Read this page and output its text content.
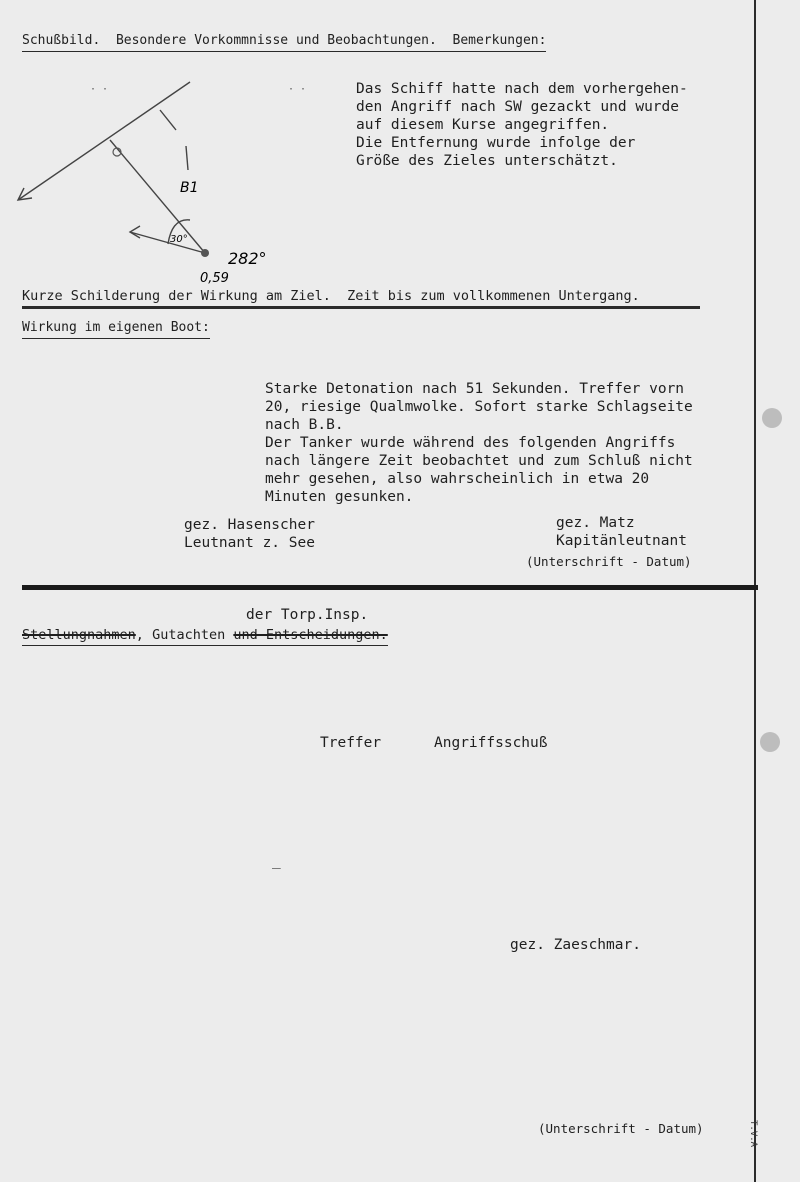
Schußbild.  Besondere Vorkommnisse und Beobachtungen. Bemerkungen:
30°
282°
0,59
B1
· ·	· ·	Das Schiff hatte nach dem vorhergehen-
den Angriff nach SW gezackt und wurde
auf diesem Kurse angegriffen.
Die Entfernung wurde infolge der
Größe des Zieles unterschätzt.
Kurze Schilderung der Wirkung am Ziel. Zeit bis zum vollkommenen Untergang.
Wirkung im eigenen Boot:
Starke Detonation nach 51 Sekunden. Treffer vorn
20, riesige Qualmwolke. Sofort starke Schlagseite
nach B.B.
Der Tanker wurde während des folgenden Angriffs
nach längere Zeit beobachtet und zum Schluß nicht
mehr gesehen, also wahrscheinlich in etwa 20
Minuten gesunken.
gez. Hasenscher
Leutnant z. See
gez. Matz
Kapitänleutnant
(Unterschrift - Datum)
der Torp.Insp.
Stellungnahmen, Gutachten und Entscheidungen.
Treffer	Angriffsschuß
_
gez. Zaeschmar.
(Unterschrift - Datum)	T.V.A
